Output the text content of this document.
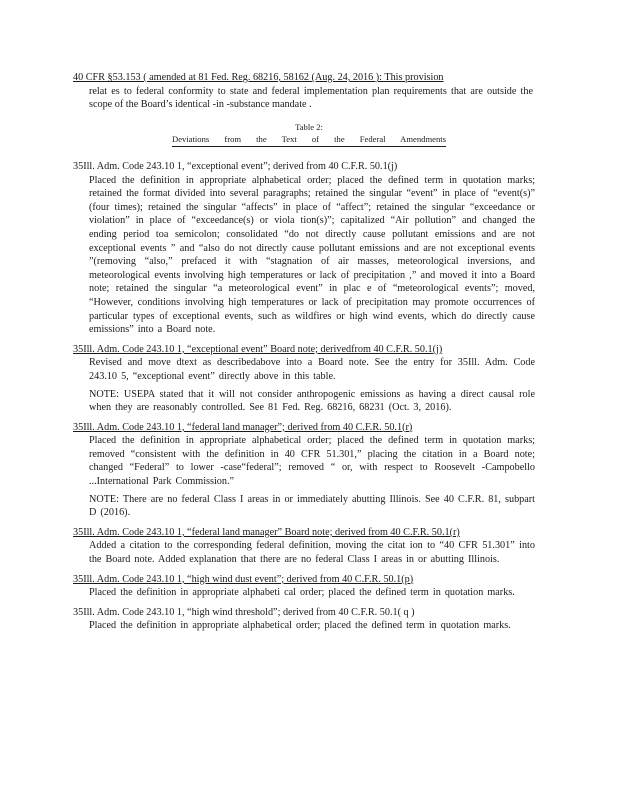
40 CFR §53.153 ( amended at 81 Fed. Reg. 68216, 58162 (Aug. 24, 2016 ): This provision
relat es to federal conformity to state and federal implementation plan requirements that are outside the scope of the Board’s identical -in -substance mandate .
Table 2:
Deviations from the Text of the Federal Amendments
35Ill. Adm. Code 243.10 1, “exceptional event”; derived from 40 C.F.R. 50.1(j)
Placed the definition in appropriate alphabetical order; placed the defined term in quotation marks; retained the format divided into several paragraphs; retained the singular “event” in place of “event(s)” (four times); retained the singular “affects” in place of “affect”; retained the singular “exceedance or violation” in place of “exceedance(s) or viola tion(s)”; capitalized “Air pollution” and changed the ending period toa semicolon; consolidated “do not directly cause pollutant emissions and are not exceptional events ” and “also do not directly cause pollutant emissions and are not exceptional events ”(removing “also,” prefaced it with “stagnation of air masses, meteorological inversions, and meteorological events involving high temperatures or lack of precipitation ,” and moved it into a Board note; retained the singular “a meteorological event” in plac e of “meteorological events”; moved, “However, conditions involving high temperatures or lack of precipitation may promote occurrences of particular types of exceptional events, such as wildfires or high wind events, which do directly cause emissions” into a Board note.
35Ill. Adm. Code 243.10 1, “exceptional event” Board note; derivedfrom 40 C.F.R. 50.1(j)
Revised and move dtext as describedabove into a Board note. See the entry for 35Ill. Adm. Code 243.10 5, “exceptional event” directly above in this table.
NOTE: USEPA stated that it will not consider anthropogenic emissions as having a direct causal role when they are reasonably controlled. See 81 Fed. Reg. 68216, 68231 (Oct. 3, 2016).
35Ill. Adm. Code 243.10 1, “federal land manager”; derived from 40 C.F.R. 50.1(r)
Placed the definition in appropriate alphabetical order; placed the defined term in quotation marks; removed “consistent with the definition in 40 CFR 51.301,” placing the citation in a Board note; changed “Federal” to lower -case“federal”; removed “ or, with respect to Roosevelt -Campobello ...International Park Commission.”
NOTE: There are no federal Class I areas in or immediately abutting Illinois. See 40 C.F.R. 81, subpart D (2016).
35Ill. Adm. Code 243.10 1, “federal land manager” Board note; derived from 40 C.F.R. 50.1(r)
Added a citation to the corresponding federal definition, moving the citat ion to “40 CFR 51.301” into the Board note. Added explanation that there are no federal Class I areas in or abutting Illinois.
35Ill. Adm. Code 243.10 1, “high wind dust event”; derived from 40 C.F.R. 50.1(p)
Placed the definition in appropriate alphabeti cal order; placed the defined term in quotation marks.
35Ill. Adm. Code 243.10 1, “high wind threshold”; derived from 40 C.F.R. 50.1( q )
Placed the definition in appropriate alphabetical order; placed the defined term in quotation marks.
